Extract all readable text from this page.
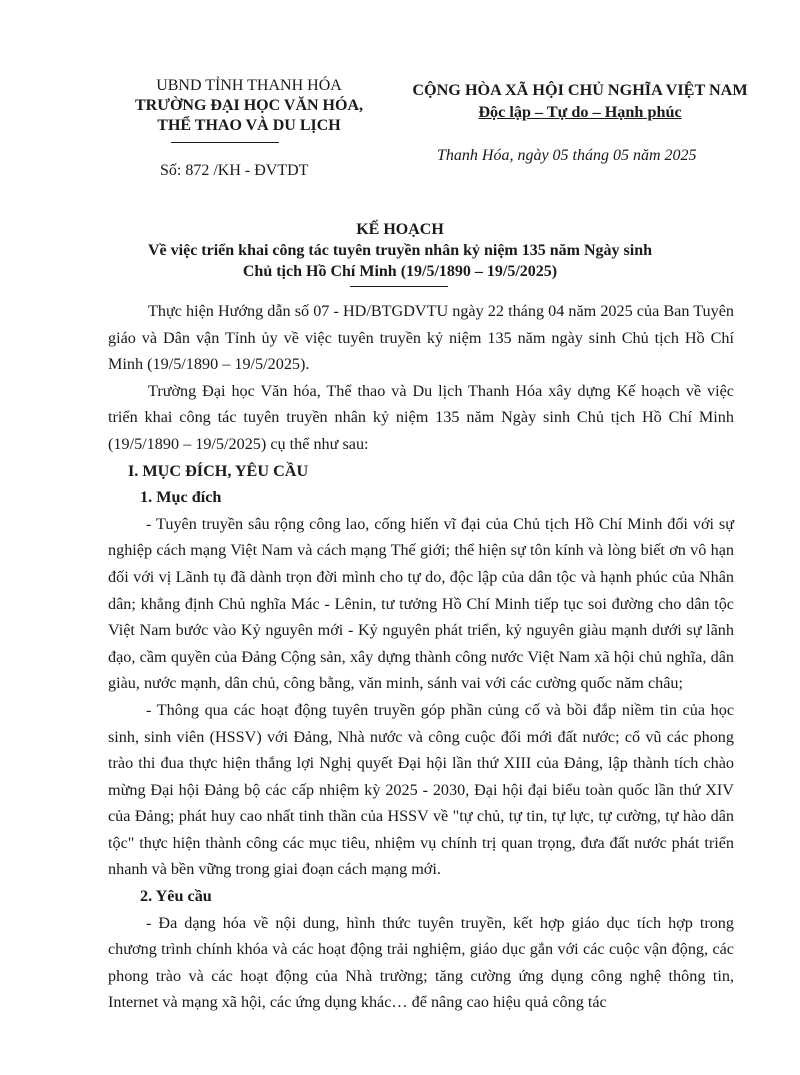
UBND TỈNH THANH HÓA
TRƯỜNG ĐẠI HỌC VĂN HÓA,
THỂ THAO VÀ DU LỊCH
Số: 872 /KH - ĐVTDT
CỘNG HÒA XÃ HỘI CHỦ NGHĨA VIỆT NAM
Độc lập – Tự do – Hạnh phúc
Thanh Hóa, ngày 05 tháng 05 năm 2025
KẾ HOẠCH
Về việc triển khai công tác tuyên truyền nhân kỷ niệm 135 năm Ngày sinh
Chủ tịch Hồ Chí Minh (19/5/1890 – 19/5/2025)

Thực hiện Hướng dẫn số 07 - HD/BTGDVTU ngày 22 tháng 04 năm 2025 của Ban Tuyên giáo và Dân vận Tỉnh ủy về việc tuyên truyền kỷ niệm 135 năm ngày sinh Chủ tịch Hồ Chí Minh (19/5/1890 – 19/5/2025).

Trường Đại học Văn hóa, Thể thao và Du lịch Thanh Hóa xây dựng Kế hoạch về việc triển khai công tác tuyên truyền nhân kỷ niệm 135 năm Ngày sinh Chủ tịch Hồ Chí Minh (19/5/1890 – 19/5/2025) cụ thể như sau:

I. MỤC ĐÍCH, YÊU CẦU

1. Mục đích

- Tuyên truyền sâu rộng công lao, cống hiến vĩ đại của Chủ tịch Hồ Chí Minh đối với sự nghiệp cách mạng Việt Nam và cách mạng Thế giới; thể hiện sự tôn kính và lòng biết ơn vô hạn đối với vị Lãnh tụ đã dành trọn đời mình cho tự do, độc lập của dân tộc và hạnh phúc của Nhân dân; khẳng định Chủ nghĩa Mác - Lênin, tư tưởng Hồ Chí Minh tiếp tục soi đường cho dân tộc Việt Nam bước vào Kỷ nguyên mới - Kỷ nguyên phát triển, kỷ nguyên giàu mạnh dưới sự lãnh đạo, cầm quyền của Đảng Cộng sản, xây dựng thành công nước Việt Nam xã hội chủ nghĩa, dân giàu, nước mạnh, dân chủ, công bằng, văn minh, sánh vai với các cường quốc năm châu;

- Thông qua các hoạt động tuyên truyền góp phần củng cố và bồi đắp niềm tin của học sinh, sinh viên (HSSV) với Đảng, Nhà nước và công cuộc đổi mới đất nước; cổ vũ các phong trào thi đua thực hiện thắng lợi Nghị quyết Đại hội lần thứ XIII của Đảng, lập thành tích chào mừng Đại hội Đảng bộ các cấp nhiệm kỳ 2025 - 2030, Đại hội đại biểu toàn quốc lần thứ XIV của Đảng; phát huy cao nhất tinh thần của HSSV về "tự chủ, tự tin, tự lực, tự cường, tự hào dân tộc" thực hiện thành công các mục tiêu, nhiệm vụ chính trị quan trọng, đưa đất nước phát triển nhanh và bền vững trong giai đoạn cách mạng mới.

2. Yêu cầu

- Đa dạng hóa về nội dung, hình thức tuyên truyền, kết hợp giáo dục tích hợp trong chương trình chính khóa và các hoạt động trải nghiệm, giáo dục gắn với các cuộc vận động, các phong trào và các hoạt động của Nhà trường; tăng cường ứng dụng công nghệ thông tin, Internet và mạng xã hội, các ứng dụng khác… để nâng cao hiệu quả công tác
